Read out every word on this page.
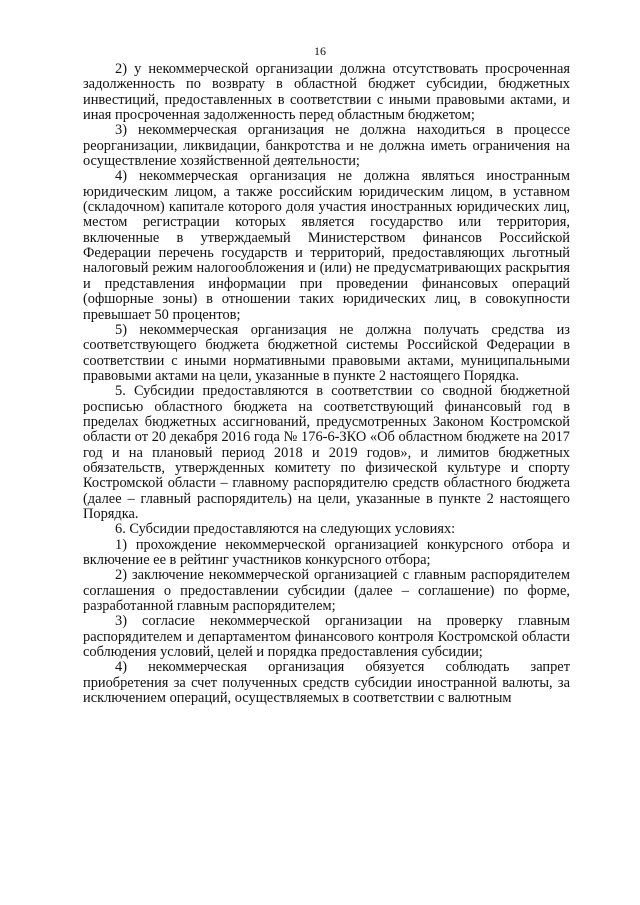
16

2) у некоммерческой организации должна отсутствовать просроченная задолженность по возврату в областной бюджет субсидии, бюджетных инвестиций, предоставленных в соответствии с иными правовыми актами, и иная просроченная задолженность перед областным бюджетом;

3) некоммерческая организация не должна находиться в процессе реорганизации, ликвидации, банкротства и не должна иметь ограничения на осуществление хозяйственной деятельности;

4) некоммерческая организация не должна являться иностранным юридическим лицом, а также российским юридическим лицом, в уставном (складочном) капитале которого доля участия иностранных юридических лиц, местом регистрации которых является государство или территория, включенные в утверждаемый Министерством финансов Российской Федерации перечень государств и территорий, предоставляющих льготный налоговый режим налогообложения и (или) не предусматривающих раскрытия и представления информации при проведении финансовых операций (офшорные зоны) в отношении таких юридических лиц, в совокупности превышает 50 процентов;

5) некоммерческая организация не должна получать средства из соответствующего бюджета бюджетной системы Российской Федерации в соответствии с иными нормативными правовыми актами, муниципальными правовыми актами на цели, указанные в пункте 2 настоящего Порядка.

5. Субсидии предоставляются в соответствии со сводной бюджетной росписью областного бюджета на соответствующий финансовый год в пределах бюджетных ассигнований, предусмотренных Законом Костромской области от 20 декабря 2016 года № 176-6-ЗКО «Об областном бюджете на 2017 год и на плановый период 2018 и 2019 годов», и лимитов бюджетных обязательств, утвержденных комитету по физической культуре и спорту Костромской области – главному распорядителю средств областного бюджета (далее – главный распорядитель) на цели, указанные в пункте 2 настоящего Порядка.

6. Субсидии предоставляются на следующих условиях:

1) прохождение некоммерческой организацией конкурсного отбора и включение ее в рейтинг участников конкурсного отбора;

2) заключение некоммерческой организацией с главным распорядителем соглашения о предоставлении субсидии (далее – соглашение) по форме, разработанной главным распорядителем;

3) согласие некоммерческой организации на проверку главным распорядителем и департаментом финансового контроля Костромской области соблюдения условий, целей и порядка предоставления субсидии;

4) некоммерческая организация обязуется соблюдать запрет приобретения за счет полученных средств субсидии иностранной валюты, за исключением операций, осуществляемых в соответствии с валютным
